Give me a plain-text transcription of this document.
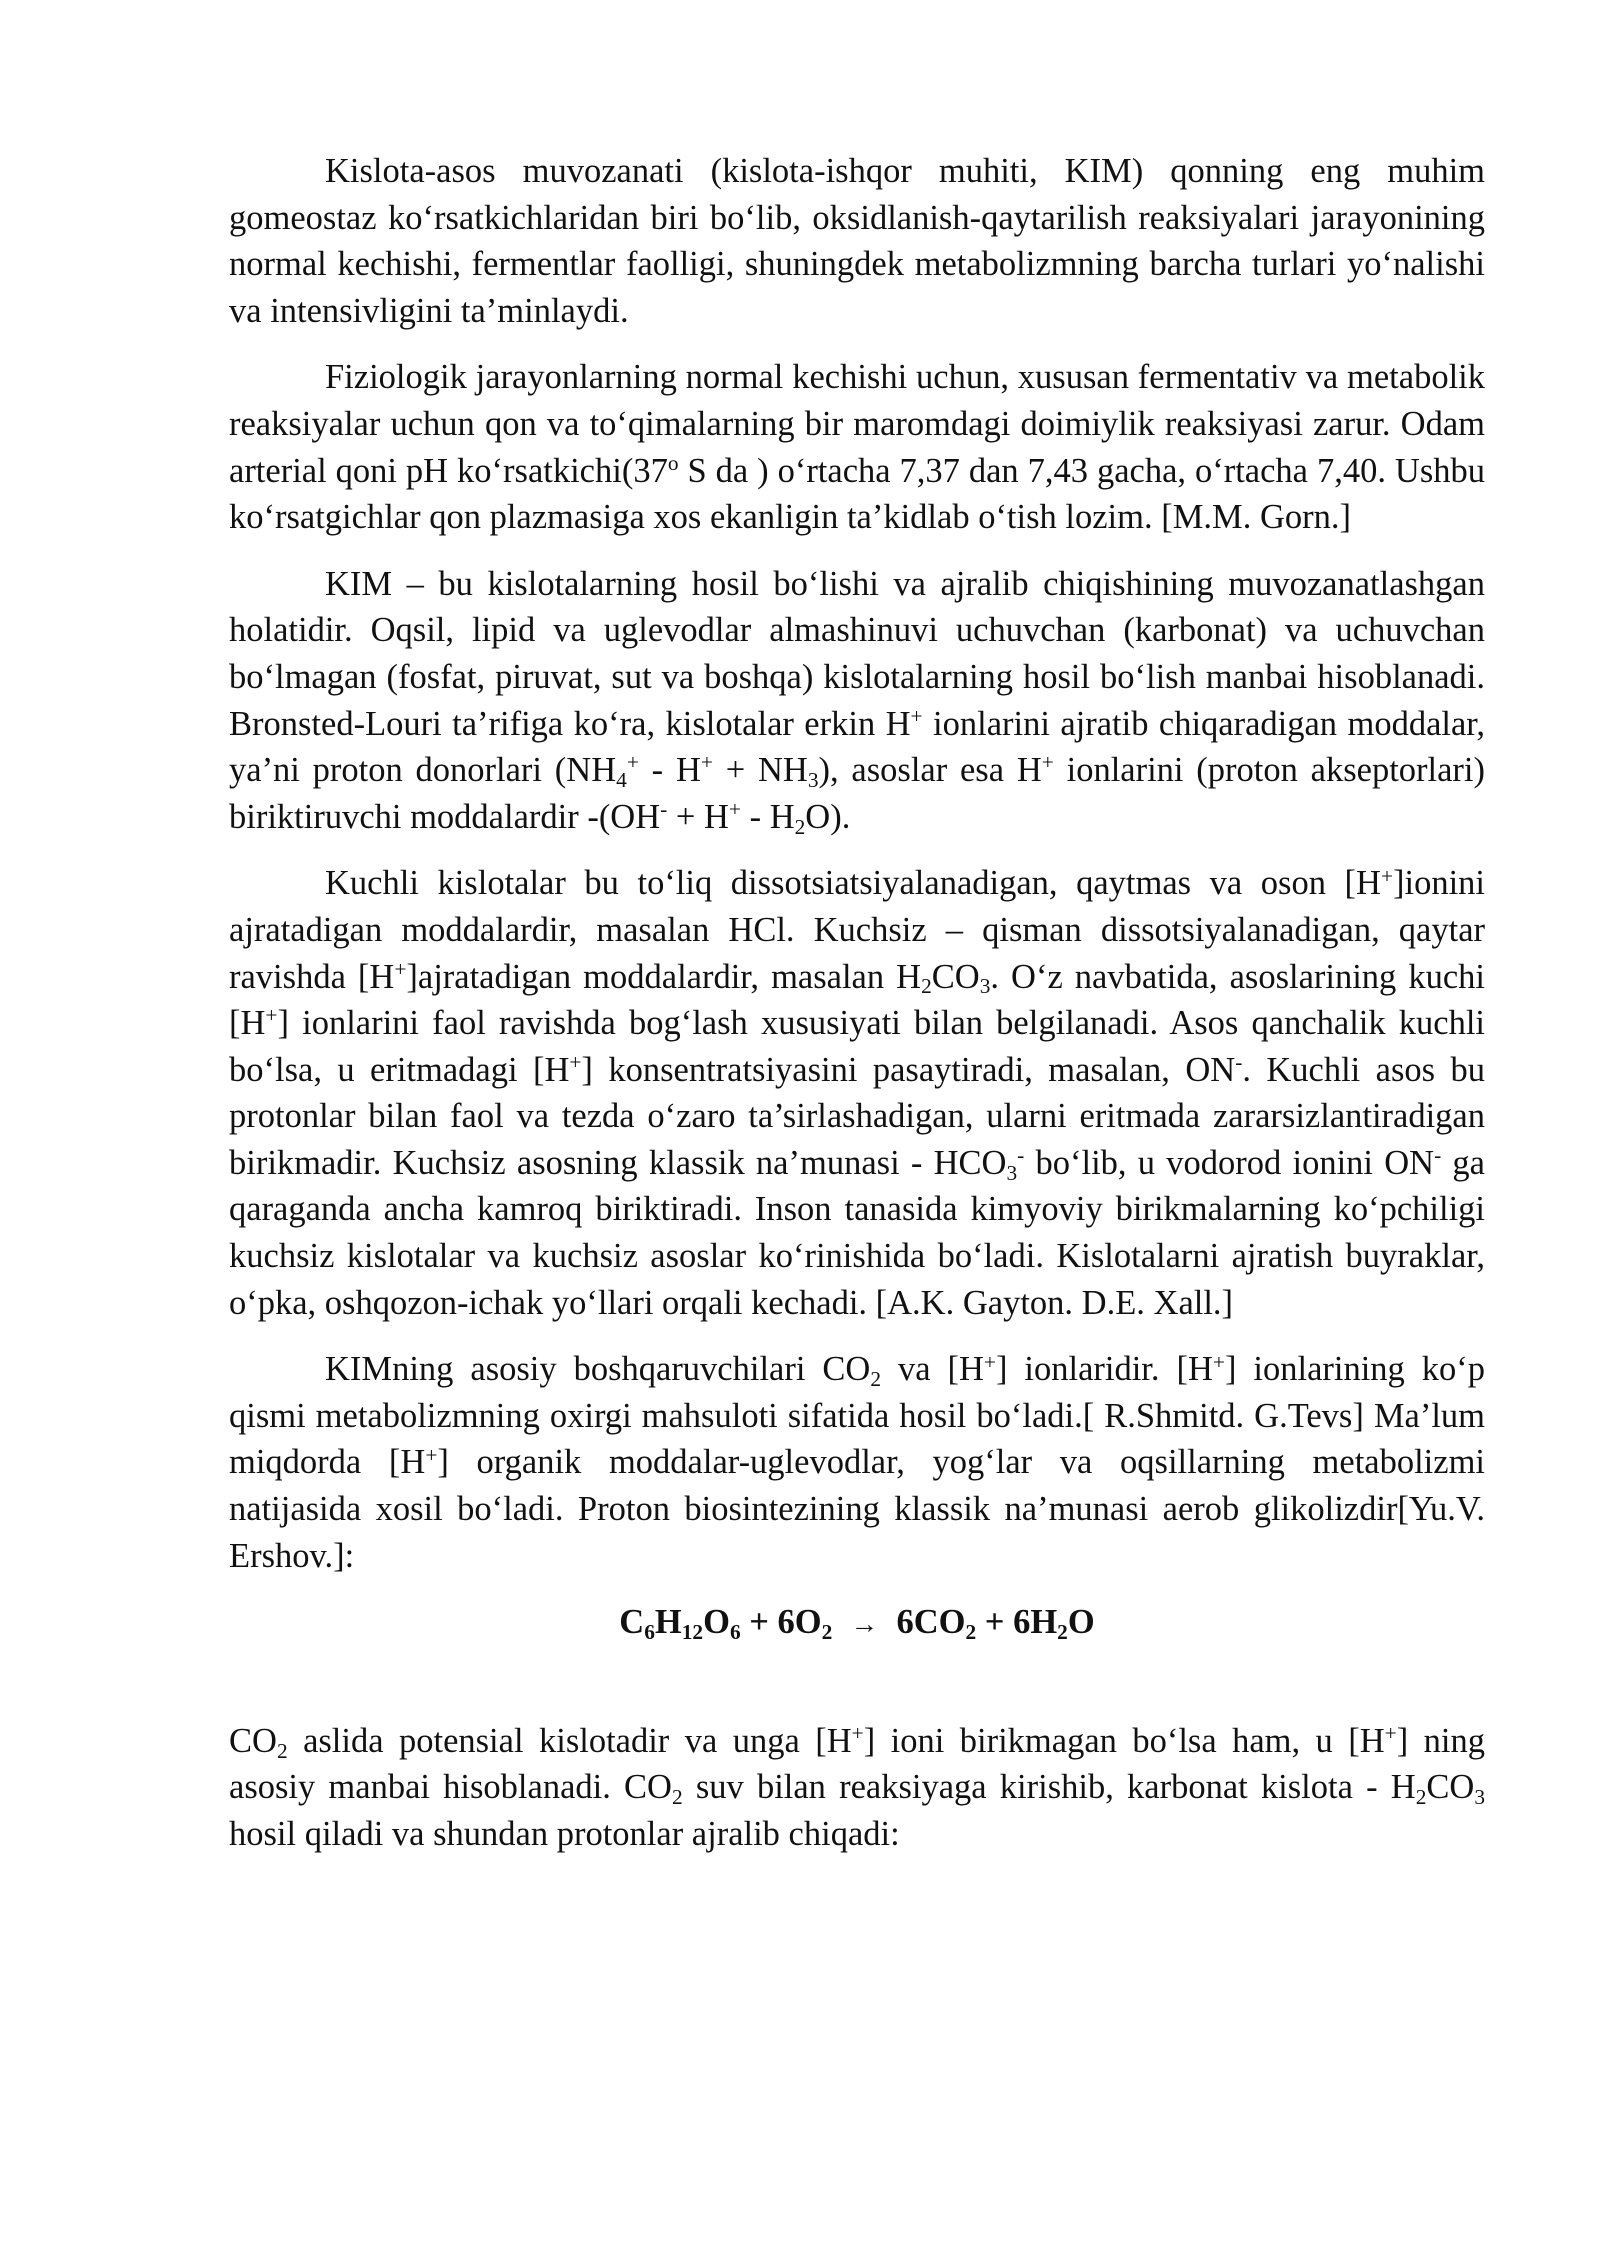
Kislota-asos muvozanati (kislota-ishqor muhiti, KIM) qonning eng muhim gomeostaz ko‘rsatkichlaridan biri bo‘lib, oksidlanish-qaytarilish reaksiyalari jarayonining normal kechishi, fermentlar faolligi, shuningdek metabolizmning barcha turlari yo‘nalishi va intensivligini ta’minlaydi.

Fiziologik jarayonlarning normal kechishi uchun, xususan fermentativ va metabolik reaksiyalar uchun qon va to‘qimalarning bir maromdagi doimiylik reaksiyasi zarur. Odam arterial qoni pH ko‘rsatkichi(37$^o$ S da ) o‘rtacha 7,37 dan 7,43 gacha, o‘rtacha 7,40. Ushbu ko‘rsatgichlar qon plazmasiga xos ekanligin ta’kidlab o‘tish lozim. [M.M. Gorn.]

KIM – bu kislotalarning hosil bo‘lishi va ajralib chiqishining muvozanatlashgan holatidir. Oqsil, lipid va uglevodlar almashinuvi uchuvchan (karbonat) va uchuvchan bo‘lmagan (fosfat, piruvat, sut va boshqa) kislotalarning hosil bo‘lish manbai hisoblanadi. Bronsted-Louri ta’rifiga ko‘ra, kislotalar erkin H+ ionlarini ajratib chiqaradigan moddalar, ya’ni proton donorlari $(NH_4^+ - H^+ + NH_3)$, asoslar esa H+ ionlarini (proton akseptorlari) biriktiruvchi moddalardir $-(OH^- + H^+ - H_2O)$.

Kuchli kislotalar bu to‘liq dissotsiatsiyalanadigan, qaytmas va oson [H+]ionini ajratadigan moddalardir, masalan HCl. Kuchsiz – qisman dissotsiyalanadigan, qaytar ravishda [H+]ajratadigan moddalardir, masalan $H_2CO_3$. O‘z navbatida, asoslarining kuchi [H+] ionlarini faol ravishda bog‘lash xususiyati bilan belgilanadi. Asos qanchalik kuchli bo‘lsa, u eritmadagi [H+] konsentratsiyasini pasaytiradi, masalan, ON-. Kuchli asos bu protonlar bilan faol va tezda o‘zaro ta’sirlashadigan, ularni eritmada zararsizlantiradigan birikmadir. Kuchsiz asosning klassik na’munasi - $HCO_3^-$ bo‘lib, u vodorod ionini ON- ga qaraganda ancha kamroq biriktiradi. Inson tanasida kimyoviy birikmalarning ko‘pchiligi kuchsiz kislotalar va kuchsiz asoslar ko‘rinishida bo‘ladi. Kislotalarni ajratish buyraklar, o‘pka, oshqozon-ichak yo‘llari orqali kechadi. [A.K. Gayton. D.E. Xall.]

KIMning asosiy boshqaruvchilari $CO_2$ va [H+] ionlaridir. [H+] ionlarining ko‘p qismi metabolizmning oxirgi mahsuloti sifatida hosil bo‘ladi.[ R.Shmitd. G.Tevs] Ma’lum miqdorda [H+] organik moddalar-uglevodlar, yog‘lar va oqsillarning metabolizmi natijasida xosil bo‘ladi. Proton biosintezining klassik na’munasi aerob glikolizdir[Yu.V. Ershov.]:

$C_6H_{12}O_6 + 6O_2 \to 6CO_2 + 6H_2O$

$CO_2$ aslida potensial kislotadir va unga [H+] ioni birikmagan bo‘lsa ham, u [H+] ning asosiy manbai hisoblanadi. $CO_2$ suv bilan reaksiyaga kirishib, karbonat kislota - $H_2CO_3$ hosil qiladi va shundan protonlar ajralib chiqadi:
